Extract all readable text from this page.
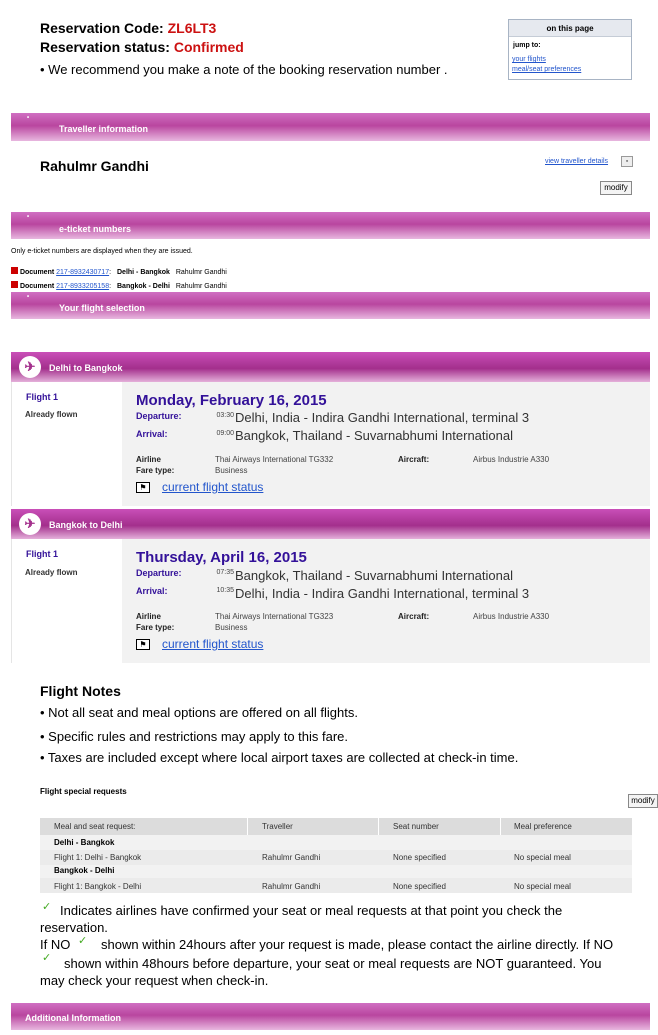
Reservation Code: ZL6LT3
Reservation status: Confirmed
• We recommend you make a note of the booking reservation number .
on this page
jump to:
your flights
meal/seat preferences
•
Traveller information
Rahulmr Gandhi	view traveller details	▫
modify
•
e-ticket numbers
Only e-ticket numbers are displayed when they are issued.
Document 217-8932430717: Delhi - Bangkok Rahulmr Gandhi
Document 217-8933205158: Bangkok - Delhi Rahulmr Gandhi
•
Your flight selection
✈	Delhi to Bangkok
Flight 1
Already flown
Monday, February 16, 2015
Departure:	03:30 Delhi, India - Indira Gandhi International, terminal 3
Arrival:	09:00 Bangkok, Thailand - Suvarnabhumi International
Airline	Thai Airways International TG332	Aircraft:	Airbus Industrie A330
Fare type:	Business
⚑ current flight status
✈	Bangkok to Delhi
Flight 1
Already flown
Thursday, April 16, 2015
Departure:	07:35 Bangkok, Thailand - Suvarnabhumi International
Arrival:	10:35 Delhi, India - Indira Gandhi International, terminal 3
Airline	Thai Airways International TG323	Aircraft:	Airbus Industrie A330
Fare type:	Business
⚑ current flight status
Flight Notes
• Not all seat and meal options are offered on all flights.
• Specific rules and restrictions may apply to this fare.
• Taxes are included except where local airport taxes are collected at check-in time.
Flight special requests
modify
Meal and seat request:	Traveller	Seat number	Meal preference
Delhi - Bangkok
Flight 1: Delhi - Bangkok	Rahulmr Gandhi	None specified	No special meal
Bangkok - Delhi
Flight 1: Bangkok - Delhi	Rahulmr Gandhi	None specified	No special meal
✓ Indicates airlines have confirmed your seat or meal requests at that point you check the
reservation.
If NO ✓ shown within 24hours after your request is made, please contact the airline directly. If NO
✓ shown within 48hours before departure, your seat or meal requests are NOT guaranteed. You
may check your request when check-in.
Additional Information
